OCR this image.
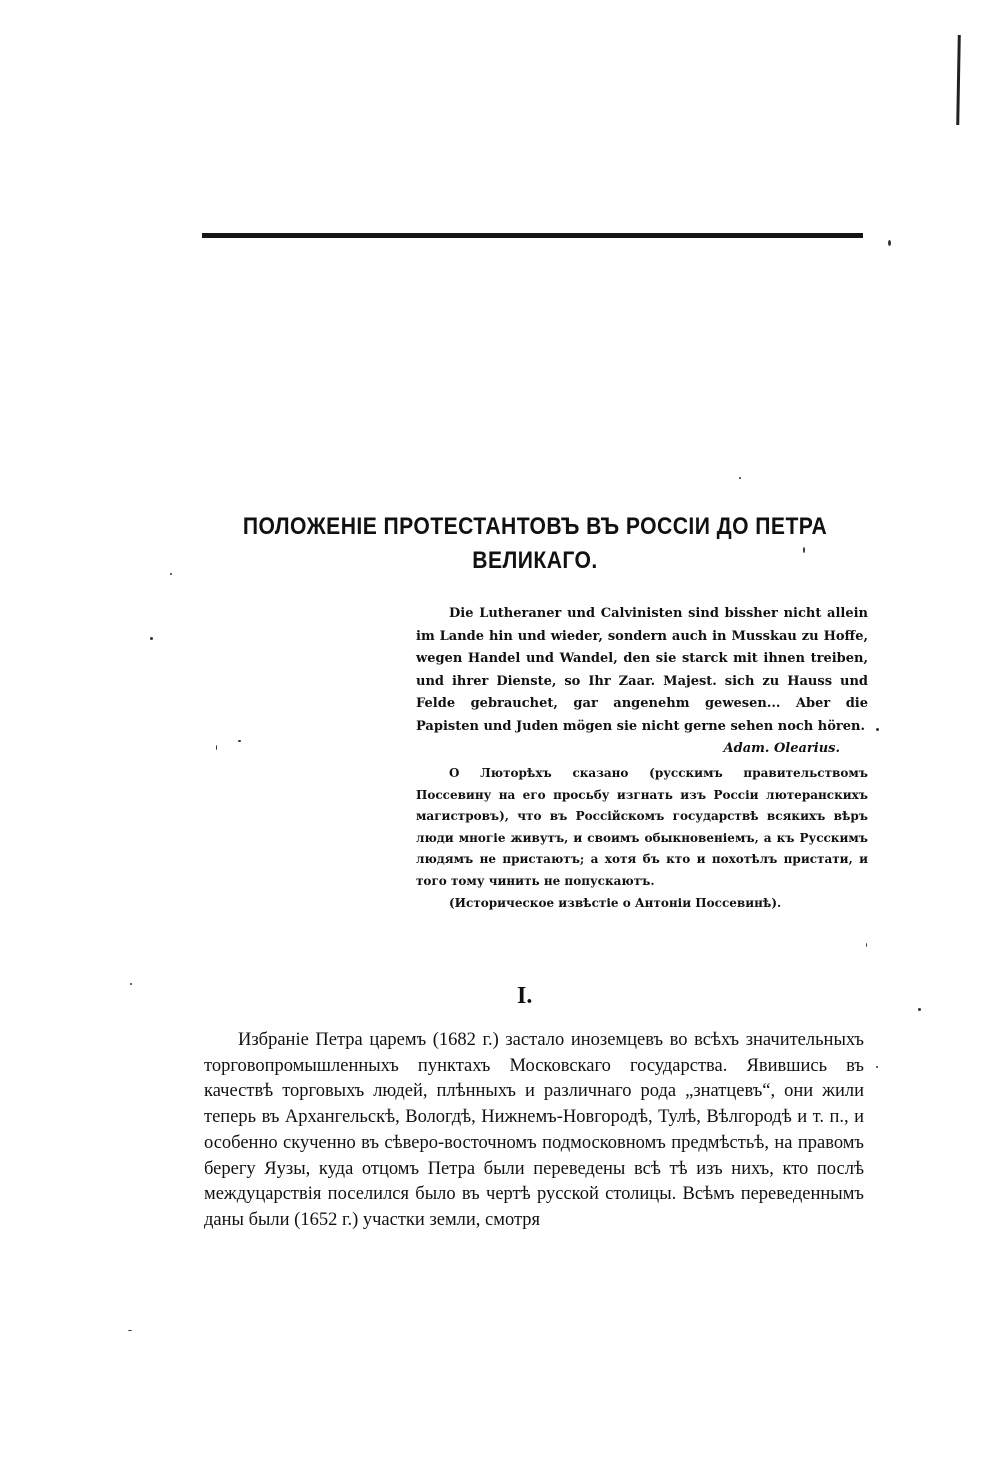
ПОЛОЖЕНІЕ ПРОТЕСТАНТОВЪ ВЪ РОССІИ ДО ПЕТРА
ВЕЛИКАГО.

Die Lutheraner und Calvinisten sind bissher nicht allein im Lande hin und wieder, sondern auch in Musskau zu Hoffe, wegen Handel und Wandel, den sie starck mit ihnen treiben, und ihrer Dienste, so Ihr Zaar. Majest. sich zu Hauss und Felde gebrauchet, gar angenehm gewesen... Aber die Papisten und Juden mögen sie nicht gerne sehen noch hören.

Adam. Olearius.

О Люторѣхъ сказано (русскимъ правительствомъ Поссевину на его просьбу изгнать изъ Россіи лютеранскихъ магистровъ), что въ Россійскомъ государствѣ всякихъ вѣръ люди многіе живутъ, и своимъ обыкновеніемъ, а къ Русскимъ людямъ не пристаютъ; а хотя бъ кто и похотѣлъ пристати, и того тому чинить не попускаютъ.

(Историческое извѣстіе о Антоніи Поссевинѣ).
I.

Избраніе Петра царемъ (1682 г.) застало иноземцевъ во всѣхъ значительныхъ торговопромышленныхъ пунктахъ Московскаго государства. Явившись въ качествѣ торговыхъ людей, плѣнныхъ и различнаго рода „знатцевъ“, они жили теперь въ Архангельскѣ, Вологдѣ, Нижнемъ-Новгородѣ, Тулѣ, Вѣлгородѣ и т. п., и особенно скученно въ сѣверо-восточномъ подмосковномъ предмѣстьѣ, на правомъ берегу Яузы, куда отцомъ Петра были переведены всѣ тѣ изъ нихъ, кто послѣ междуцарствія поселился было въ чертѣ русской столицы. Всѣмъ переведеннымъ даны были (1652 г.) участки земли, смотря
